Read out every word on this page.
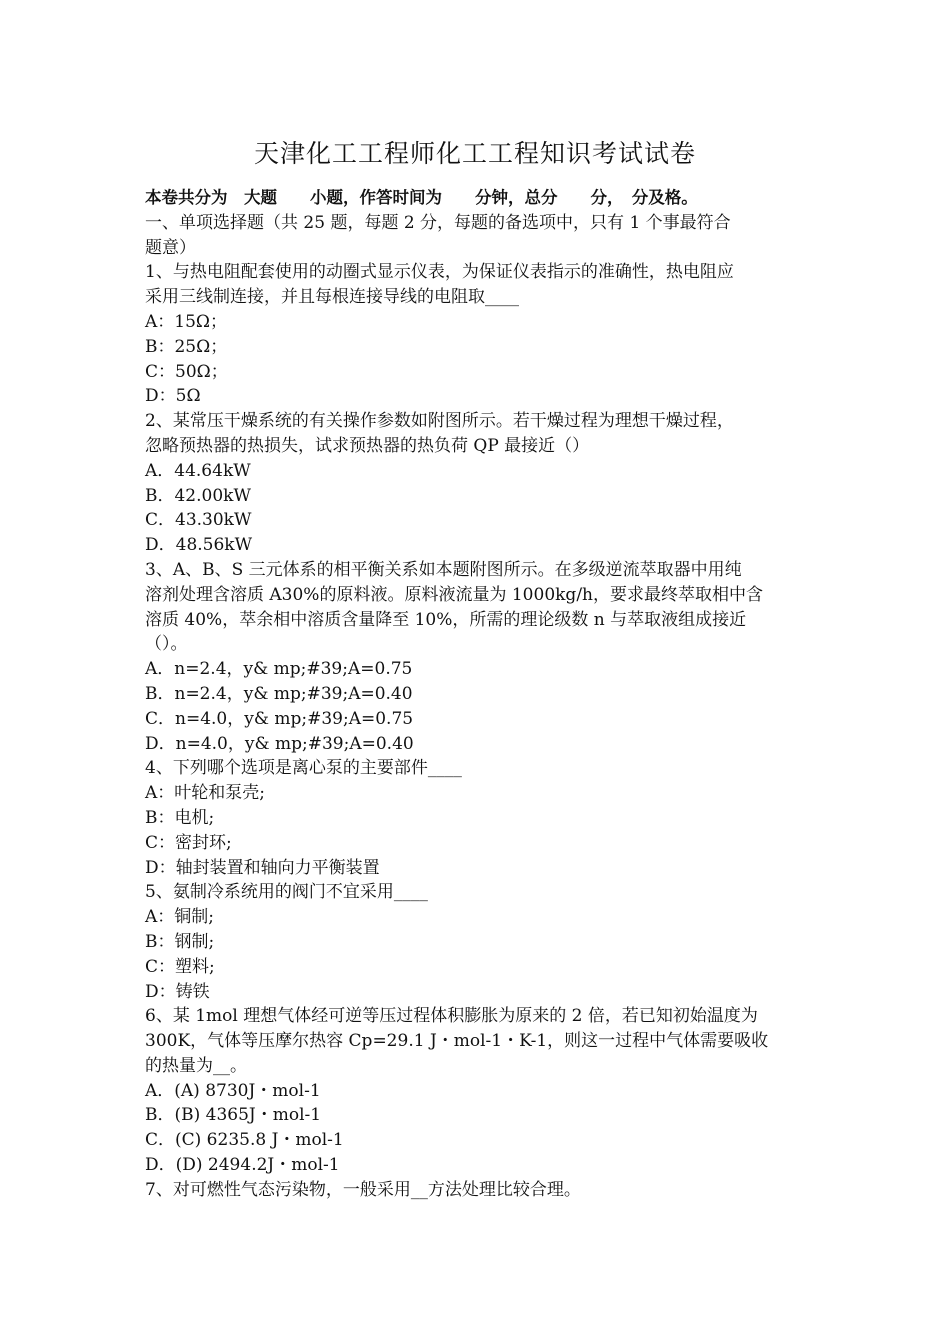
天津化工工程师化工工程知识考试试卷

本卷共分为　大题　　小题，作答时间为　　分钟，总分　　分，　分及格。

一、单项选择题（共 25 题，每题 2 分，每题的备选项中，只有 1 个事最符合

题意）

1、与热电阻配套使用的动圈式显示仪表，为保证仪表指示的准确性，热电阻应

采用三线制连接，并且每根连接导线的电阻取____

A：15Ω；

B：25Ω；

C：50Ω；

D：5Ω

2、某常压干燥系统的有关操作参数如附图所示。若干燥过程为理想干燥过程，

忽略预热器的热损失，试求预热器的热负荷 QP 最接近（）

A．44.64kW

B．42.00kW

C．43.30kW

D．48.56kW

3、A、B、S 三元体系的相平衡关系如本题附图所示。在多级逆流萃取器中用纯

溶剂处理含溶质 A30%的原料液。原料液流量为 1000kg/h，要求最终萃取相中含

溶质 40%，萃余相中溶质含量降至 10%，所需的理论级数 n 与萃取液组成接近

（）。

A．n=2.4，y& mp;#39;A=0.75

B．n=2.4，y& mp;#39;A=0.40

C．n=4.0，y& mp;#39;A=0.75

D．n=4.0，y& mp;#39;A=0.40

4、下列哪个选项是离心泵的主要部件____

A：叶轮和泵壳;

B：电机;

C：密封环;

D：轴封装置和轴向力平衡装置

5、氨制冷系统用的阀门不宜采用____

A：铜制;

B：钢制;

C：塑料;

D：铸铁

6、某 1mol 理想气体经可逆等压过程体积膨胀为原来的 2 倍，若已知初始温度为

300K，气体等压摩尔热容 Cp=29.1 J・mol-1・K-1，则这一过程中气体需要吸收

的热量为__。

A．(A) 8730J・mol-1

B．(B) 4365J・mol-1

C．(C) 6235.8 J・mol-1

D．(D) 2494.2J・mol-1

7、对可燃性气态污染物，一般采用__方法处理比较合理。
